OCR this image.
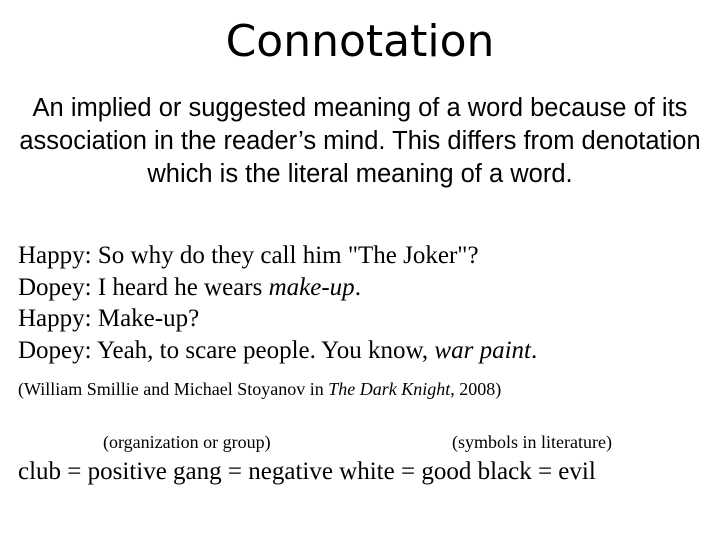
Connotation
An implied or suggested meaning of a word because of its association in the reader’s mind. This differs from denotation which is the literal meaning of a word.
Happy: So why do they call him "The Joker"?
Dopey: I heard he wears make-up.
Happy: Make-up?
Dopey: Yeah, to scare people. You know, war paint.
(William Smillie and Michael Stoyanov in The Dark Knight, 2008)
(organization or group)	(symbols in literature)
club = positive gang = negative white = good black = evil
